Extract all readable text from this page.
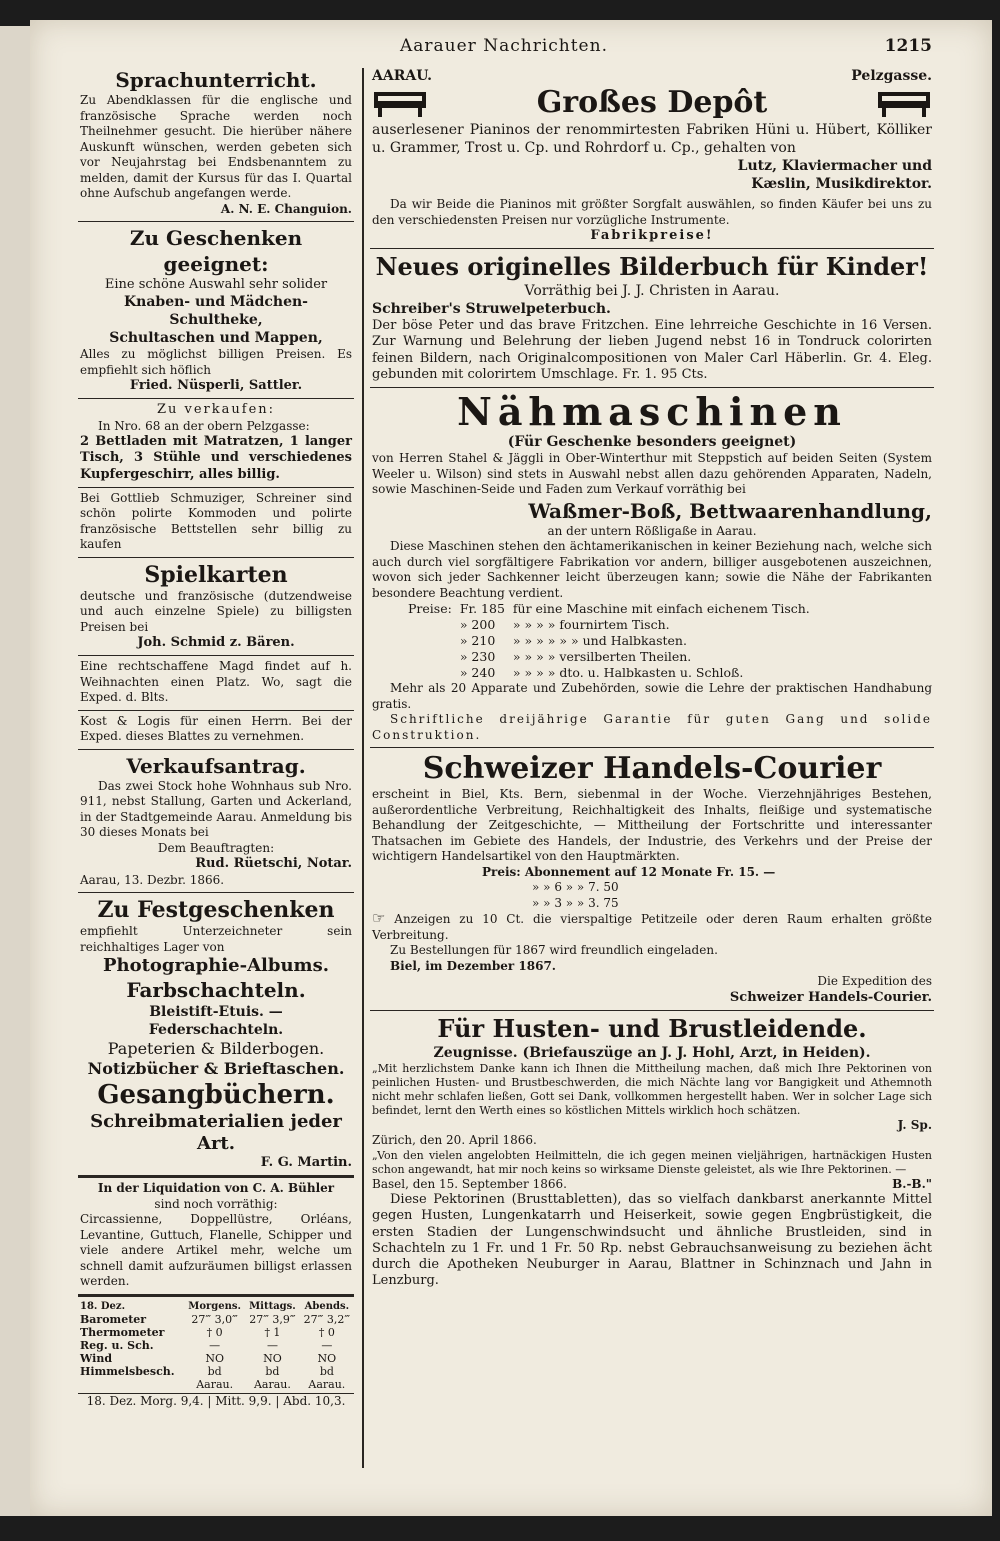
Aarauer Nachrichten.	1215
Sprachunterricht.
Zu Abendklassen für die englische und französische Sprache werden noch Theilnehmer gesucht. Die hierüber nähere Auskunft wünschen, werden gebeten sich vor Neujahrstag bei Endsbenanntem zu melden, damit der Kursus für das I. Quartal ohne Aufschub angefangen werde.
A. N. E. Changuion.
Zu Geschenken geeignet:
Eine schöne Auswahl sehr solider
Knaben- und Mädchen-Schultheke,
Schultaschen und Mappen,
Alles zu möglichst billigen Preisen. Es empfiehlt sich höflich
Fried. Nüsperli, Sattler.
Zu verkaufen:
In Nro. 68 an der obern Pelzgasse:
2 Bettladen mit Matratzen, 1 langer Tisch, 3 Stühle und verschiedenes Kupfergeschirr, alles billig.
Bei Gottlieb Schmuziger, Schreiner sind schön polirte Kommoden und polirte französische Bettstellen sehr billig zu kaufen
Spielkarten
deutsche und französische (dutzendweise und auch einzelne Spiele) zu billigsten Preisen bei
Joh. Schmid z. Bären.
Eine rechtschaffene Magd findet auf h. Weihnachten einen Platz. Wo, sagt die Exped. d. Blts.
Kost & Logis für einen Herrn. Bei der Exped. dieses Blattes zu vernehmen.
Verkaufsantrag.
Das zwei Stock hohe Wohnhaus sub Nro. 911, nebst Stallung, Garten und Ackerland, in der Stadtgemeinde Aarau. Anmeldung bis 30 dieses Monats bei
Dem Beauftragten:
Rud. Rüetschi, Notar.
Aarau, 13. Dezbr. 1866.
Zu Festgeschenken
empfiehlt Unterzeichneter sein reichhaltiges Lager von
Photographie-Albums.
Farbschachteln.
Bleistift-Etuis. — Federschachteln.
Papeterien & Bilderbogen.
Notizbücher & Brieftaschen.
Gesangbüchern.
Schreibmaterialien jeder Art.
F. G. Martin.
In der Liquidation von C. A. Bühler
sind noch vorräthig:
Circassienne, Doppellüstre, Orléans, Levantine, Guttuch, Flanelle, Schipper und viele andere Artikel mehr, welche um schnell damit aufzuräumen billigst erlassen werden.
18. Dez.	Morgens.	Mittags.	Abends.
Barometer	27‴ 3,0‴	27‴ 3,9‴	27‴ 3,2‴
Thermometer	† 0	† 1	† 0
Reg. u. Sch.	—	—	—
Wind	NO	NO	NO
Himmelsbesch.	bd	bd	bd
	Aarau.	Aarau.	Aarau.
18. Dez. Morg. 9,4. | Mitt. 9,9. | Abd. 10,3.
AARAU.	Pelzgasse.
Großes Depôt
auserlesener Pianinos der renommirtesten Fabriken Hüni u. Hübert, Kölliker u. Grammer, Trost u. Cp. und Rohrdorf u. Cp., gehalten von
Lutz, Klaviermacher und
Kæslin, Musikdirektor.
Da wir Beide die Pianinos mit größter Sorgfalt auswählen, so finden Käufer bei uns zu den verschiedensten Preisen nur vorzügliche Instrumente.
Fabrikpreise!
Neues originelles Bilderbuch für Kinder!
Vorräthig bei J. J. Christen in Aarau.
Schreiber's Struwelpeterbuch.
Der böse Peter und das brave Fritzchen. Eine lehrreiche Geschichte in 16 Versen. Zur Warnung und Belehrung der lieben Jugend nebst 16 in Tondruck colorirten feinen Bildern, nach Originalcompositionen von Maler Carl Häberlin. Gr. 4. Eleg. gebunden mit colorirtem Umschlage. Fr. 1. 95 Cts.
Nähmaschinen
(Für Geschenke besonders geeignet)
von Herren Stahel & Jäggli in Ober-Winterthur mit Steppstich auf beiden Seiten (System Weeler u. Wilson) sind stets in Auswahl nebst allen dazu gehörenden Apparaten, Nadeln, sowie Maschinen-Seide und Faden zum Verkauf vorräthig bei
Waßmer-Boß, Bettwaarenhandlung,
an der untern Rößligaße in Aarau.
Diese Maschinen stehen den ächtamerikanischen in keiner Beziehung nach, welche sich auch durch viel sorgfältigere Fabrikation vor andern, billiger ausgebotenen auszeichnen, wovon sich jeder Sachkenner leicht überzeugen kann; sowie die Nähe der Fabrikanten besondere Beachtung verdient.
Preise:	Fr. 185	für eine Maschine mit einfach eichenem Tisch.
	» 200	» » » » fournirtem Tisch.
	» 210	» » » » » » und Halbkasten.
	» 230	» » » » versilberten Theilen.
	» 240	» » » » dto. u. Halbkasten u. Schloß.
Mehr als 20 Apparate und Zubehörden, sowie die Lehre der praktischen Handhabung gratis.
Schriftliche dreijährige Garantie für guten Gang und solide Construktion.
Schweizer Handels-Courier
erscheint in Biel, Kts. Bern, siebenmal in der Woche. Vierzehnjähriges Bestehen, außerordentliche Verbreitung, Reichhaltigkeit des Inhalts, fleißige und systematische Behandlung der Zeitgeschichte, — Mittheilung der Fortschritte und interessanter Thatsachen im Gebiete des Handels, der Industrie, des Verkehrs und der Preise der wichtigern Handelsartikel von den Hauptmärkten.
Preis: Abonnement auf 12 Monate Fr. 15. —
» » 6 » » 7. 50
» » 3 » » 3. 75
☞ Anzeigen zu 10 Ct. die vierspaltige Petitzeile oder deren Raum erhalten größte Verbreitung.
Zu Bestellungen für 1867 wird freundlich eingeladen.
Biel, im Dezember 1867.
Die Expedition des
Schweizer Handels-Courier.
Für Husten- und Brustleidende.
Zeugnisse. (Briefauszüge an J. J. Hohl, Arzt, in Heiden).
„Mit herzlichstem Danke kann ich Ihnen die Mittheilung machen, daß mich Ihre Pektorinen von peinlichen Husten- und Brustbeschwerden, die mich Nächte lang vor Bangigkeit und Athemnoth nicht mehr schlafen ließen, Gott sei Dank, vollkommen hergestellt haben. Wer in solcher Lage sich befindet, lernt den Werth eines so köstlichen Mittels wirklich hoch schätzen.
J. Sp.
Zürich, den 20. April 1866.
„Von den vielen angelobten Heilmitteln, die ich gegen meinen vieljährigen, hartnäckigen Husten schon angewandt, hat mir noch keins so wirksame Dienste geleistet, als wie Ihre Pektorinen. —
Basel, den 15. September 1866.	B.-B."
Diese Pektorinen (Brusttabletten), das so vielfach dankbarst anerkannte Mittel gegen Husten, Lungenkatarrh und Heiserkeit, sowie gegen Engbrüstigkeit, die ersten Stadien der Lungenschwindsucht und ähnliche Brustleiden, sind in Schachteln zu 1 Fr. und 1 Fr. 50 Rp. nebst Gebrauchsanweisung zu beziehen ächt durch die Apotheken Neuburger in Aarau, Blattner in Schinznach und Jahn in Lenzburg.
